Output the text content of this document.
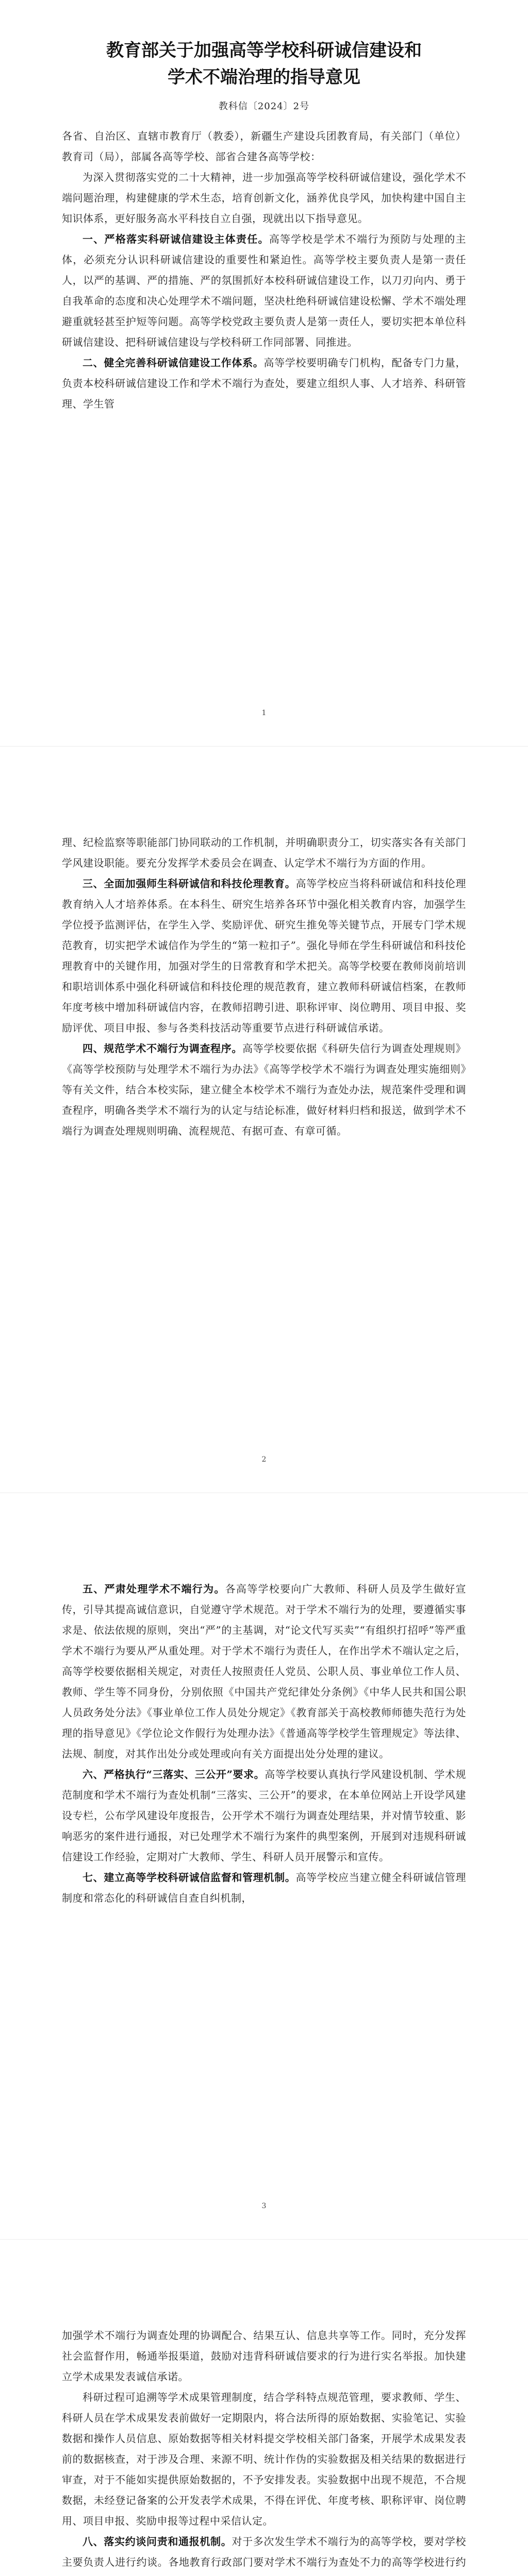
教育部关于加强高等学校科研诚信建设和
学术不端治理的指导意见
教科信〔2024〕2号

各省、自治区、直辖市教育厅（教委），新疆生产建设兵团教育局，有关部门（单位）教育司（局），部属各高等学校、部省合建各高等学校：

为深入贯彻落实党的二十大精神，进一步加强高等学校科研诚信建设，强化学术不端问题治理，构建健康的学术生态，培育创新文化，涵养优良学风，加快构建中国自主知识体系，更好服务高水平科技自立自强，现就出以下指导意见。

一、严格落实科研诚信建设主体责任。高等学校是学术不端行为预防与处理的主体，必须充分认识科研诚信建设的重要性和紧迫性。高等学校主要负责人是第一责任人，以严的基调、严的措施、严的氛围抓好本校科研诚信建设工作，以刀刃向内、勇于自我革命的态度和决心处理学术不端问题，坚决杜绝科研诚信建设松懈、学术不端处理避重就轻甚至护短等问题。高等学校党政主要负责人是第一责任人，要切实把本单位科研诚信建设、把科研诚信建设与学校科研工作同部署、同推进。

二、健全完善科研诚信建设工作体系。高等学校要明确专门机构，配备专门力量，负责本校科研诚信建设工作和学术不端行为查处，要建立组织人事、人才培养、科研管理、学生管

1

理、纪检监察等职能部门协同联动的工作机制，并明确职责分工，切实落实各有关部门学风建设职能。要充分发挥学术委员会在调查、认定学术不端行为方面的作用。

三、全面加强师生科研诚信和科技伦理教育。高等学校应当将科研诚信和科技伦理教育纳入人才培养体系。在本科生、研究生培养各环节中强化相关教育内容，加强学生学位授予监测评估，在学生入学、奖励评优、研究生推免等关键节点，开展专门学术规范教育，切实把学术诚信作为学生的“第一粒扣子”。强化导师在学生科研诚信和科技伦理教育中的关键作用，加强对学生的日常教育和学术把关。高等学校要在教师岗前培训和职培训体系中强化科研诚信和科技伦理的规范教育，建立教师科研诚信档案，在教师年度考核中增加科研诚信内容，在教师招聘引进、职称评审、岗位聘用、项目申报、奖励评优、项目申报、参与各类科技活动等重要节点进行科研诚信承诺。

四、规范学术不端行为调查程序。高等学校要依据《科研失信行为调查处理规则》《高等学校预防与处理学术不端行为办法》《高等学校学术不端行为调查处理实施细则》等有关文件，结合本校实际，建立健全本校学术不端行为查处办法，规范案件受理和调查程序，明确各类学术不端行为的认定与结论标准，做好材料归档和报送，做到学术不端行为调查处理规则明确、流程规范、有据可查、有章可循。

2

五、严肃处理学术不端行为。各高等学校要向广大教师、科研人员及学生做好宣传，引导其提高诚信意识，自觉遵守学术规范。对于学术不端行为的处理，要遵循实事求是、依法依规的原则，突出“严”的主基调，对“论文代写买卖”“有组织打招呼”等严重学术不端行为要从严从重处理。对于学术不端行为责任人，在作出学术不端认定之后，高等学校要依据相关规定，对责任人按照责任人党员、公职人员、事业单位工作人员、教师、学生等不同身份，分别依照《中国共产党纪律处分条例》《中华人民共和国公职人员政务处分法》《事业单位工作人员处分规定》《教育部关于高校教师师德失范行为处理的指导意见》《学位论文作假行为处理办法》《普通高等学校学生管理规定》等法律、法规、制度，对其作出处分或处理或向有关方面提出处分处理的建议。

六、严格执行“三落实、三公开”要求。高等学校要认真执行学风建设机制、学术规范制度和学术不端行为查处机制“三落实、三公开”的要求，在本单位网站上开设学风建设专栏，公布学风建设年度报告，公开学术不端行为调查处理结果，并对情节较重、影响恶劣的案件进行通报，对已处理学术不端行为案件的典型案例，开展到对违规科研诚信建设工作经验，定期对广大教师、学生、科研人员开展警示和宣传。

七、建立高等学校科研诚信监督和管理机制。高等学校应当建立健全科研诚信管理制度和常态化的科研诚信自查自纠机制，

3

加强学术不端行为调查处理的协调配合、结果互认、信息共享等工作。同时，充分发挥社会监督作用，畅通举报渠道，鼓励对违背科研诚信要求的行为进行实名举报。加快建立学术成果发表诚信承诺。

科研过程可追溯等学术成果管理制度，结合学科特点规范管理，要求教师、学生、科研人员在学术成果发表前做好一定期限内，将合法所得的原始数据、实验笔记、实验数据和操作人员信息、原始数据等相关材料提交学校相关部门备案，开展学术成果发表前的数据核查，对于涉及合理、来源不明、统计作伪的实验数据及相关结果的数据进行审查，对于不能如实提供原始数据的，不予安排发表。实验数据中出现不规范，不合规数据，未经登记备案的公开发表学术成果，不得在评优、年度考核、职称评审、岗位聘用、项目申报、奖励申报等过程中采信认定。

八、落实约谈问责和通报机制。对于多次发生学术不端行为的高等学校，要对学校主要负责人进行约谈。各地教育行政部门要对学术不端行为查处不力的高等学校进行约
